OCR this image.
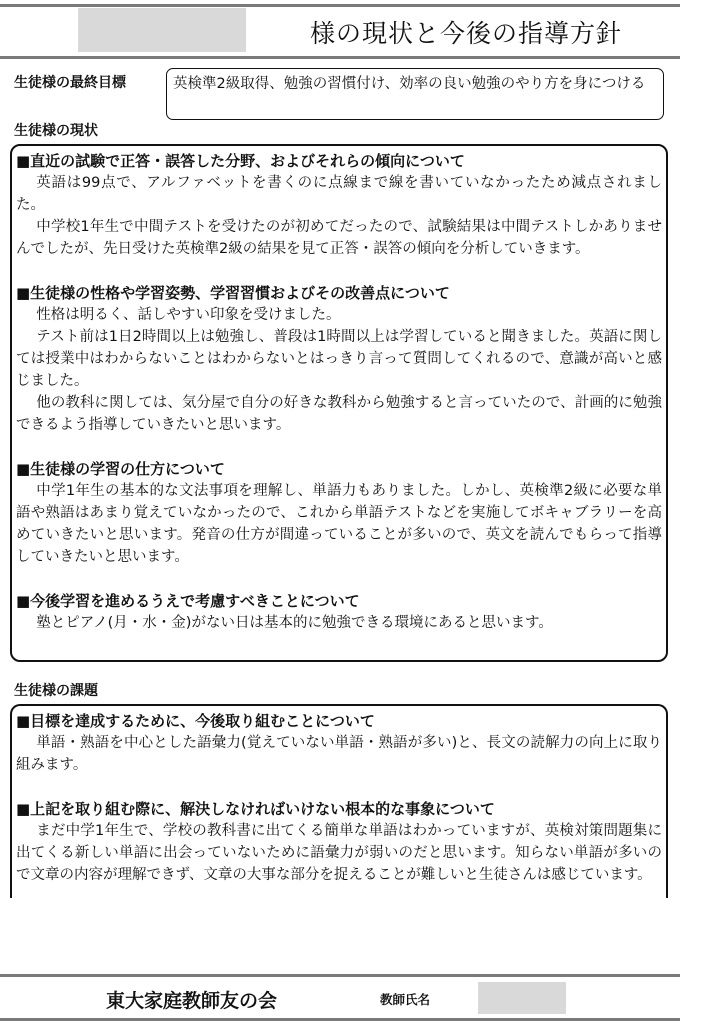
様の現状と今後の指導方針
生徒様の最終目標	英検準2級取得、勉強の習慣付け、効率の良い勉強のやり方を身につける
生徒様の現状
■直近の試験で正答・誤答した分野、およびそれらの傾向について
英語は99点で、アルファベットを書くのに点線まで線を書いていなかったため減点されました。
中学校1年生で中間テストを受けたのが初めてだったので、試験結果は中間テストしかありませんでしたが、先日受けた英検準2級の結果を見て正答・誤答の傾向を分析していきます。
■生徒様の性格や学習姿勢、学習習慣およびその改善点について
性格は明るく、話しやすい印象を受けました。
テスト前は1日2時間以上は勉強し、普段は1時間以上は学習していると聞きました。英語に関しては授業中はわからないことはわからないとはっきり言って質問してくれるので、意識が高いと感じました。
他の教科に関しては、気分屋で自分の好きな教科から勉強すると言っていたので、計画的に勉強できるよう指導していきたいと思います。
■生徒様の学習の仕方について
中学1年生の基本的な文法事項を理解し、単語力もありました。しかし、英検準2級に必要な単語や熟語はあまり覚えていなかったので、これから単語テストなどを実施してボキャブラリーを高めていきたいと思います。発音の仕方が間違っていることが多いので、英文を読んでもらって指導していきたいと思います。
■今後学習を進めるうえで考慮すべきことについて
塾とピアノ(月・水・金)がない日は基本的に勉強できる環境にあると思います。
生徒様の課題
■目標を達成するために、今後取り組むことについて
単語・熟語を中心とした語彙力(覚えていない単語・熟語が多い)と、長文の読解力の向上に取り組みます。
■上記を取り組む際に、解決しなければいけない根本的な事象について
まだ中学1年生で、学校の教科書に出てくる簡単な単語はわかっていますが、英検対策問題集に出てくる新しい単語に出会っていないために語彙力が弱いのだと思います。知らない単語が多いので文章の内容が理解できず、文章の大事な部分を捉えることが難しいと生徒さんは感じています。
東大家庭教師友の会	教師氏名
